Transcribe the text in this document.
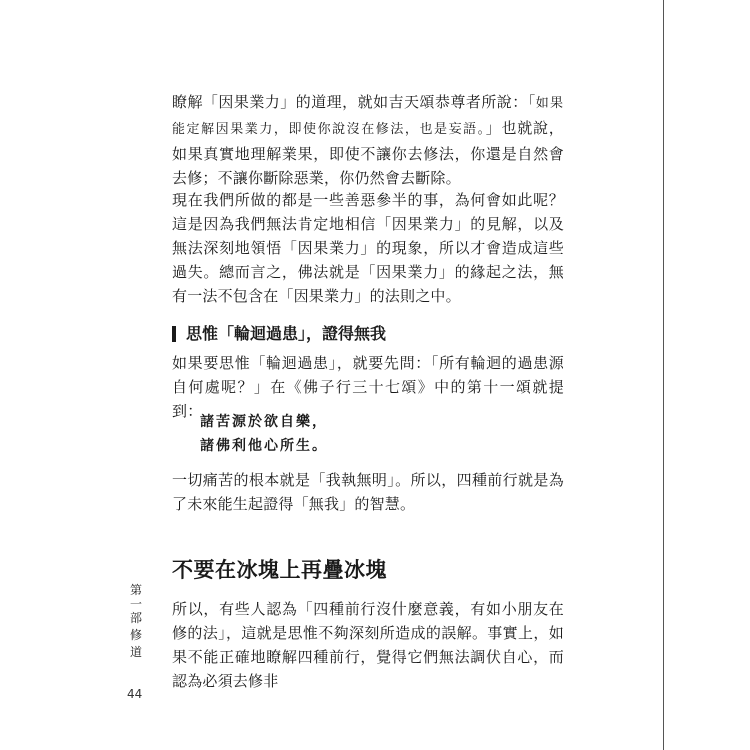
瞭解「因果業力」的道理，就如吉天頌恭尊者所說：「如果能定解因果業力，即使你說沒在修法，也是妄語。」也就說，如果真實地理解業果，即使不讓你去修法，你還是自然會去修；不讓你斷除惡業，你仍然會去斷除。

現在我們所做的都是一些善惡參半的事，為何會如此呢？這是因為我們無法肯定地相信「因果業力」的見解，以及無法深刻地領悟「因果業力」的現象，所以才會造成這些過失。總而言之，佛法就是「因果業力」的緣起之法，無有一法不包含在「因果業力」的法則之中。

思惟「輪迴過患」，證得無我

如果要思惟「輪迴過患」，就要先問：「所有輪迴的過患源自何處呢？」在《佛子行三十七頌》中的第十一頌就提到：

諸苦源於欲自樂，

諸佛利他心所生。

一切痛苦的根本就是「我執無明」。所以，四種前行就是為了未來能生起證得「無我」的智慧。

不要在冰塊上再疊冰塊

所以，有些人認為「四種前行沒什麼意義，有如小朋友在修的法」，這就是思惟不夠深刻所造成的誤解。事實上，如果不能正確地瞭解四種前行，覺得它們無法調伏自心，而認為必須去修非

第一部
修道
44
